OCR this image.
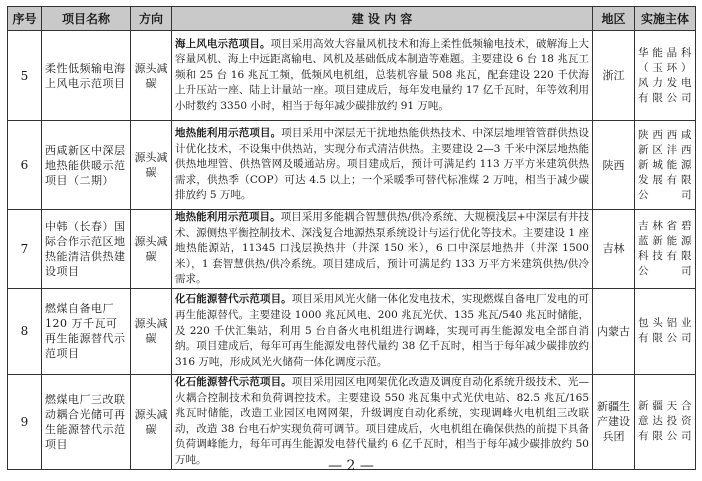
序号	项目名称	方向	建 设 内 容	地区	实施主体
5	柔性低频输电海上风电示范项目	源头减碳	海上风电示范项目。项目采用高效大容量风机技术和海上柔性低频输电技术，破解海上大容量风机、海上中远距离输电、风机及基础低成本制造等难题。主要建设 6 台 18 兆瓦工频和 25 台 16 兆瓦工频，低频风电机组，总装机容量 508 兆瓦，配套建设 220 千伏海上升压站一座、陆上计量站一座。项目建成后，每年发电量约 17 亿千瓦时，年等效利用小时数约 3350 小时，相当于每年减少碳排放约 91 万吨。	浙江	华能晶科（玉环）风力发电有限公司
6	西咸新区中深层地热能供暖示范项目（二期）	源头减碳	地热能利用示范项目。项目采用中深层无干扰地热能供热技术、中深层地埋管管群供热设计优化技术，不设集中供热站，实现分布式清洁供热。主要建设 2—3 千米中深层地热能供热地埋管、供热管网及暖通站房。项目建成后，预计可满足约 113 万平方米建筑供热需求，供热季（COP）可达 4.5 以上；一个采暖季可替代标准煤 2 万吨，相当于减少碳排放约 5 万吨。	陕西	陕西西咸新区沣西新城能源发展有限公司
7	中韩（长春）国际合作示范区地热能清洁供热建设项目	源头减碳	地热能利用示范项目。项目采用多能耦合智慧供热/供冷系统、大规模浅层+中深层有井技术、源侧热平衡控制技术、深浅复合地源热泵系统设计与运行优化等技术。主要建设 1 座地热能源站，11345 口浅层换热井（井深 150 米），6 口中深层地热井（井深 1500 米），1 套智慧供热/供冷系统。项目建成后，预计可满足约 133 万平方米建筑供热/供冷需求。	吉林	吉林省碧蓝新能源科技有限公司
8	燃煤自备电厂120 万千瓦可再生能源替代示范项目	源头减碳	化石能源替代示范项目。项目采用风光火储一体化发电技术，实现燃煤自备电厂发电的可再生能源替代。主要建设 1000 兆瓦风电、200 兆瓦光伏、135 兆瓦/540 兆瓦时储能，及 220 千伏汇集站，利用 5 台自备火电机组进行调峰，实现可再生能源发电全部自消纳。项目建成后，每年可再生能源发电替代量约 38 亿千瓦时，相当于每年减少碳排放约 316 万吨，形成风光火储荷一体化调度示范。	内蒙古	包头铝业有限公司
9	燃煤电厂三改联动耦合光储可再生能源替代示范项目	源头减碳	化石能源替代示范项目。项目采用园区电网架优化改造及调度自动化系统升级技术、光—火耦合控制技术和负荷调控技术。主要建设 550 兆瓦集中式光伏电站、82.5 兆瓦/165 兆瓦时储能，改造工业园区电网网架，升级调度自动化系统，实现调峰火电机组三改联动，改造 38 台电石炉实现负荷可调节。项目建成后，火电机组在确保供热的前提下具备负荷调峰能力，每年可再生能源发电替代量约 6 亿千瓦时，相当于每年减少碳排放约 50 万吨。	新疆生产建设兵团	新疆天合意达投资有限公司
— 2 —
